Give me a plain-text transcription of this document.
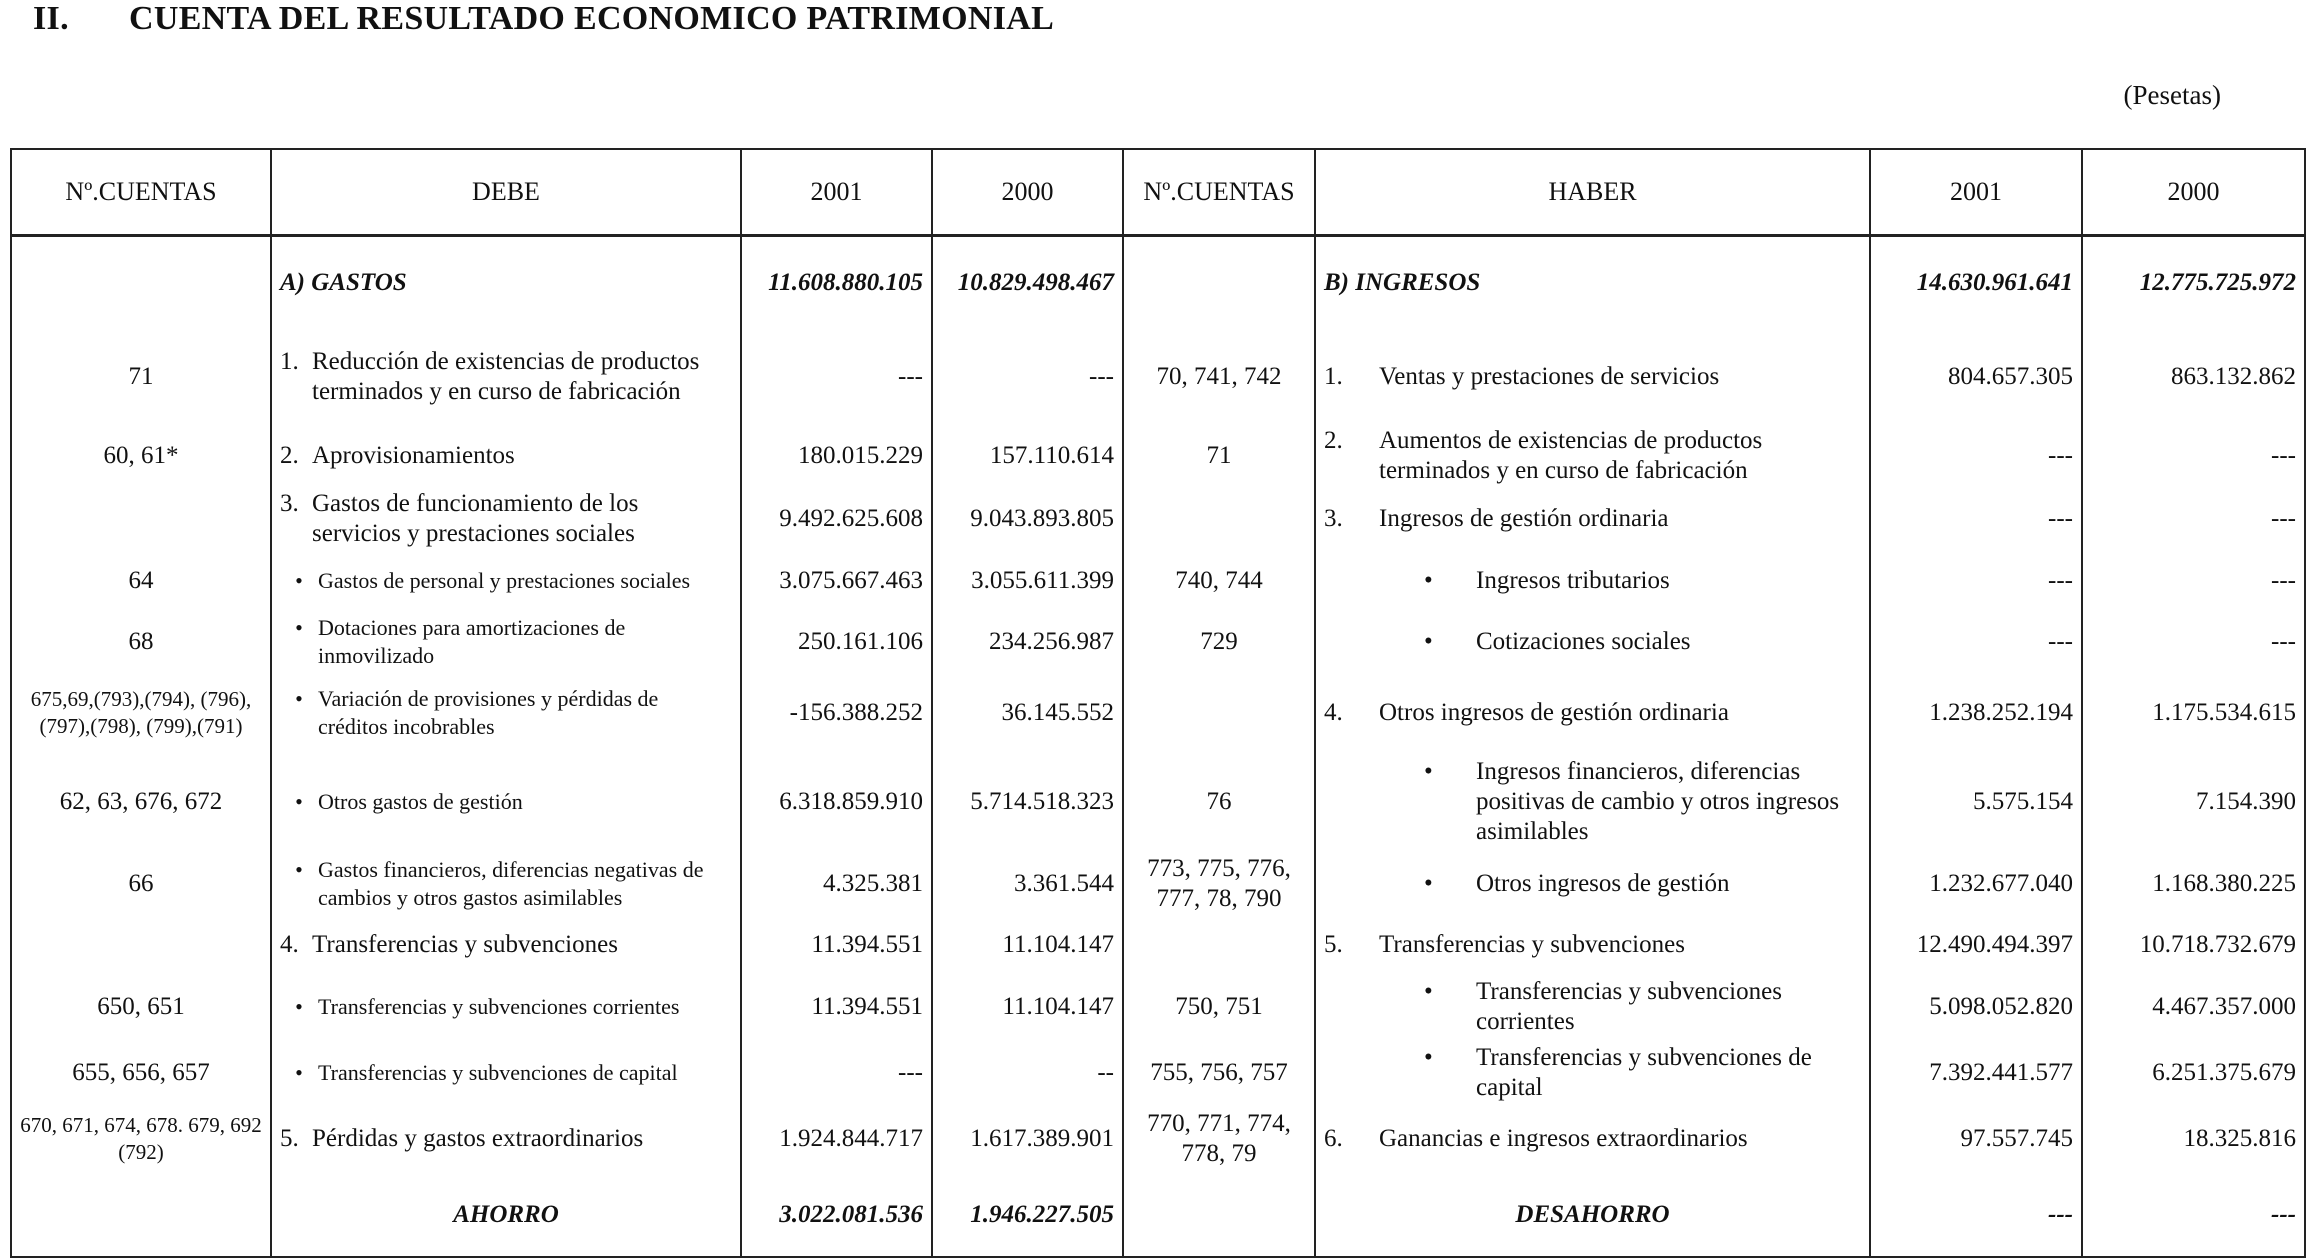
II. CUENTA DEL RESULTADO ECONOMICO PATRIMONIAL
(Pesetas)
Nº.CUENTAS	DEBE	2001	2000	Nº.CUENTAS	HABER	2001	2000

	A) GASTOS	11.608.880.105	10.829.498.467		B) INGRESOS	14.630.961.641	12.775.725.972

71	1. Reducción de existencias de productos terminados y en curso de fabricación	---	---	70, 741, 742	1. Ventas y prestaciones de servicios	804.657.305	863.132.862
60, 61*	2. Aprovisionamientos	180.015.229	157.110.614	71	2. Aumentos de existencias de productos terminados y en curso de fabricación	---	---

	3. Gastos de funcionamiento de los servicios y prestaciones sociales	9.492.625.608	9.043.893.805		3. Ingresos de gestión ordinaria	---	---
64	• Gastos de personal y prestaciones sociales	3.075.667.463	3.055.611.399	740, 744	• Ingresos tributarios	---	---
68	• Dotaciones para amortizaciones de inmovilizado	250.161.106	234.256.987	729	• Cotizaciones sociales	---	---
675,69,(793),(794), (796),(797),(798), (799),(791)	• Variación de provisiones y pérdidas de créditos incobrables	-156.388.252	36.145.552		4. Otros ingresos de gestión ordinaria	1.238.252.194	1.175.534.615
62, 63, 676, 672	• Otros gastos de gestión	6.318.859.910	5.714.518.323	76	• Ingresos financieros, diferencias positivas de cambio y otros ingresos asimilables	5.575.154	7.154.390
66	• Gastos financieros, diferencias negativas de cambios y otros gastos asimilables	4.325.381	3.361.544	773, 775, 776, 777, 78, 790	• Otros ingresos de gestión	1.232.677.040	1.168.380.225

	4. Transferencias y subvenciones	11.394.551	11.104.147		5. Transferencias y subvenciones	12.490.494.397	10.718.732.679
650, 651	• Transferencias y subvenciones corrientes	11.394.551	11.104.147	750, 751	• Transferencias y subvenciones corrientes	5.098.052.820	4.467.357.000
655, 656, 657	• Transferencias y subvenciones de capital	---	--	755, 756, 757	• Transferencias y subvenciones de capital	7.392.441.577	6.251.375.679
670, 671, 674, 678. 679, 692 (792)	5. Pérdidas y gastos extraordinarios	1.924.844.717	1.617.389.901	770, 771, 774, 778, 79	6. Ganancias e ingresos extraordinarios	97.557.745	18.325.816
	AHORRO	3.022.081.536	1.946.227.505		DESAHORRO	---	---
